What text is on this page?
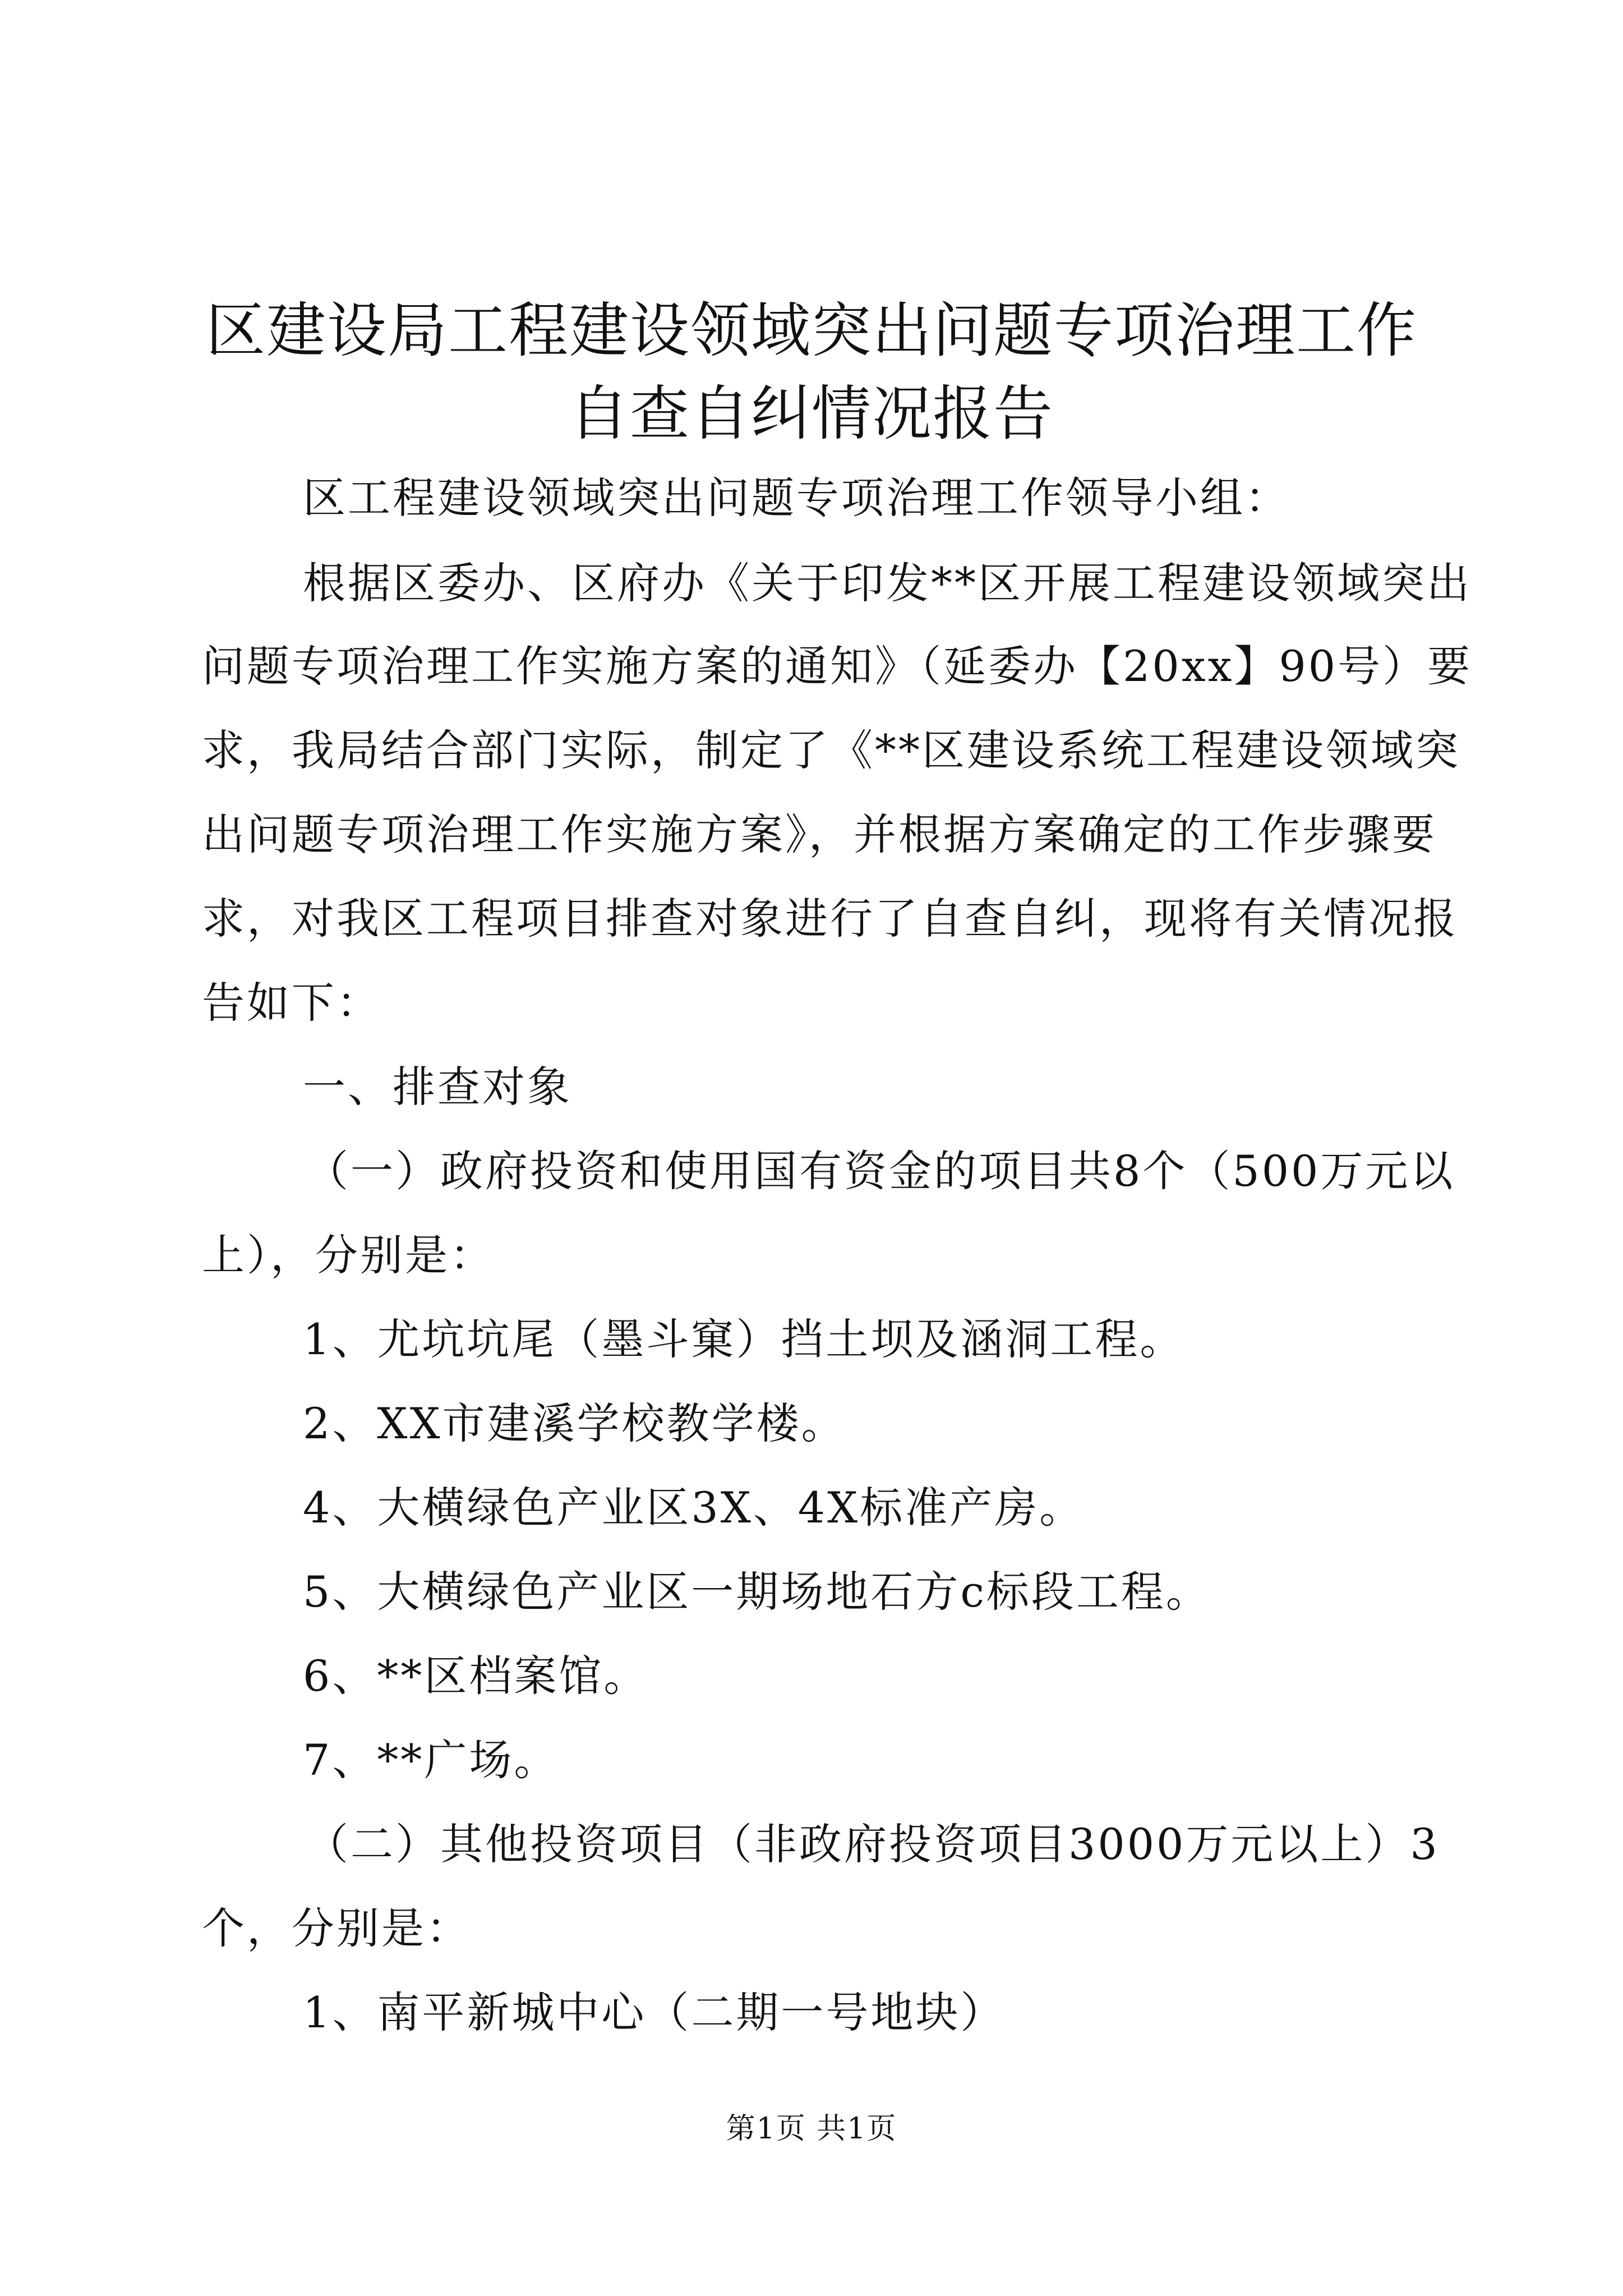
区建设局工程建设领域突出问题专项治理工作
自查自纠情况报告
区工程建设领域突出问题专项治理工作领导小组：
根据区委办、区府办《关于印发**区开展工程建设领域突出
问题专项治理工作实施方案的通知》（延委办【20xx】90号）要
求，我局结合部门实际，制定了《**区建设系统工程建设领域突
出问题专项治理工作实施方案》，并根据方案确定的工作步骤要
求，对我区工程项目排查对象进行了自查自纠，现将有关情况报
告如下：
一、排查对象
（一）政府投资和使用国有资金的项目共8个（500万元以
上），分别是：
1、尤坑坑尾（墨斗窠）挡土坝及涵洞工程。
2、XX市建溪学校教学楼。
4、大横绿色产业区3X、4X标准产房。
5、大横绿色产业区一期场地石方c标段工程。
6、**区档案馆。
7、**广场。
（二）其他投资项目（非政府投资项目3000万元以上）3
个，分别是：
1、南平新城中心（二期一号地块）
第1页 共1页
